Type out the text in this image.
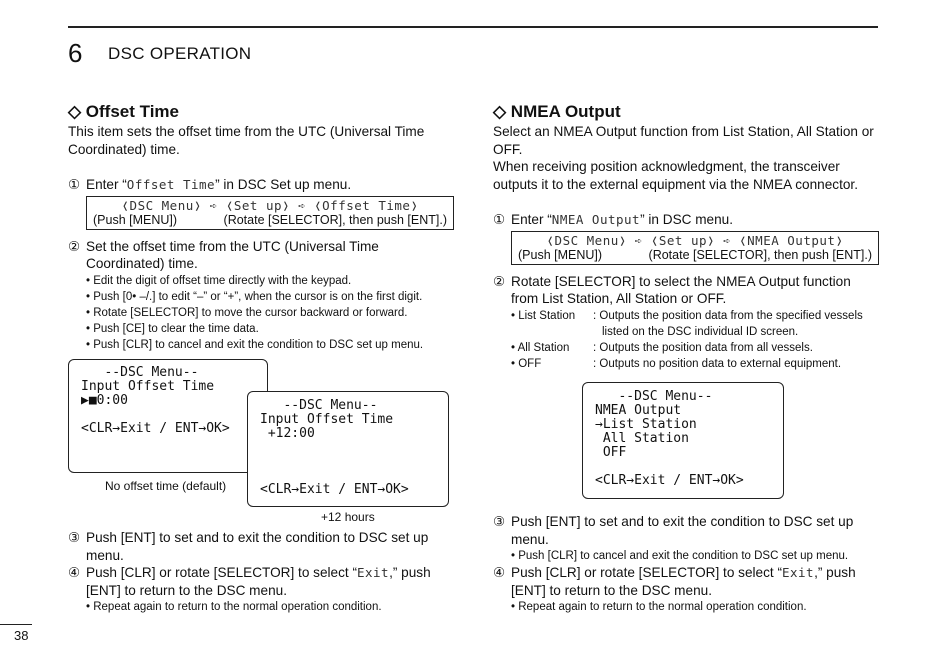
6 DSC OPERATION
◇ Offset Time

This item sets the offset time from the UTC (Universal Time Coordinated) time.

① Enter “Offset Time” in DSC Set up menu.
❬DSC Menu❭ ➪ ❬Set up❭ ➪ ❬Offset Time❭
(Push [MENU])	(Rotate [SELECTOR], then push [ENT].)
② Set the offset time from the UTC (Universal Time Coordinated) time.
• Edit the digit of offset time directly with the keypad.
• Push [0• –/.] to edit “–” or “+”, when the cursor is on the first digit.
• Rotate [SELECTOR] to move the cursor backward or forward.
• Push [CE] to clear the time data.
• Push [CLR] to cancel and exit the condition to DSC set up menu.
--DSC Menu--
Input Offset Time
▶■0:00
<CLR→Exit / ENT→OK>
No offset time (default)
--DSC Menu--
Input Offset Time
+12:00
<CLR→Exit / ENT→OK>
+12 hours
③ Push [ENT] to set and to exit the condition to DSC set up menu.
④ Push [CLR] or rotate [SELECTOR] to select “Exit,” push [ENT] to return to the DSC menu.
• Repeat again to return to the normal operation condition.
◇ NMEA Output

Select an NMEA Output function from List Station, All Station or OFF.

When receiving position acknowledgment, the transceiver outputs it to the external equipment via the NMEA connector.

① Enter “NMEA Output” in DSC menu.
❬DSC Menu❭ ➪ ❬Set up❭ ➪ ❬NMEA Output❭
(Push [MENU])	(Rotate [SELECTOR], then push [ENT].)
② Rotate [SELECTOR] to select the NMEA Output function from List Station, All Station or OFF.
• List Station	: Outputs the position data from the specified vessels listed on the DSC individual ID screen.
• All Station	: Outputs the position data from all vessels.
• OFF	: Outputs no position data to external equipment.
--DSC Menu--
NMEA Output
→List Station
All Station
OFF
<CLR→Exit / ENT→OK>
③ Push [ENT] to set and to exit the condition to DSC set up menu.
• Push [CLR] to cancel and exit the condition to DSC set up menu.
④ Push [CLR] or rotate [SELECTOR] to select “Exit,” push [ENT] to return to the DSC menu.
• Repeat again to return to the normal operation condition.
38
